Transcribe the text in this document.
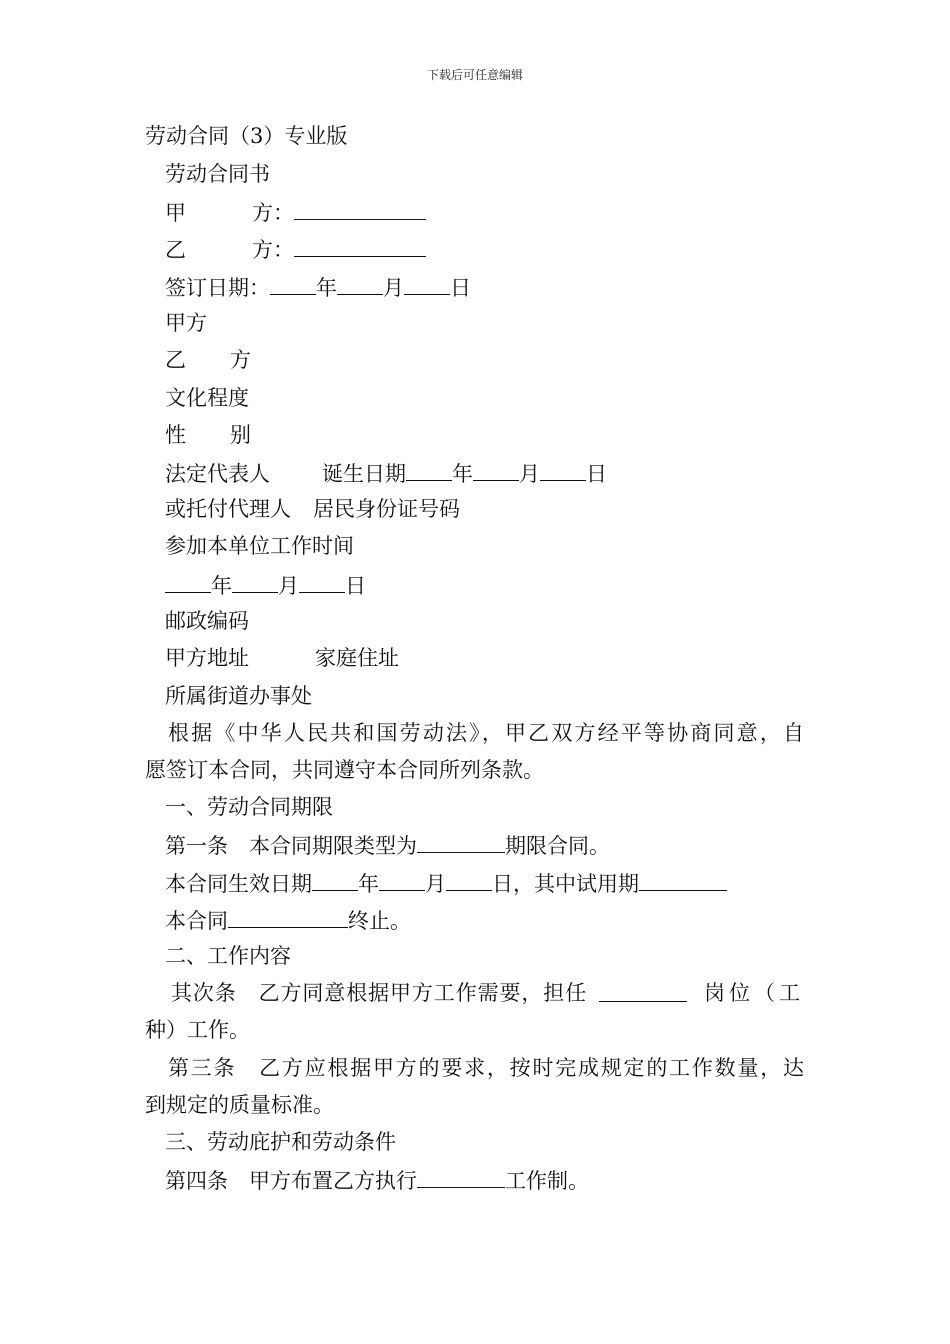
下载后可任意编辑
劳动合同（3）专业版
劳动合同书
甲	方：
乙	方：
签订日期： 年 月 日
甲方
乙 方
文化程度
性 别
法定代表人 诞生日期 年 月 日
或托付代理人 居民身份证号码
参加本单位工作时间
年 月 日
邮政编码
甲方地址	家庭住址
所属街道办事处
根据《中华人民共和国劳动法》，甲乙双方经平等协商同意，自
愿签订本合同，共同遵守本合同所列条款。
一、劳动合同期限
第一条　本合同期限类型为	期限合同。
本合同生效日期 年 月 日，其中试用期
本合同	终止。
二、工作内容
其次条　乙方同意根据甲方工作需要，担任	岗位（工
种）工作。
第三条　乙方应根据甲方的要求，按时完成规定的工作数量，达
到规定的质量标准。
三、劳动庇护和劳动条件
第四条　甲方布置乙方执行	工作制。
